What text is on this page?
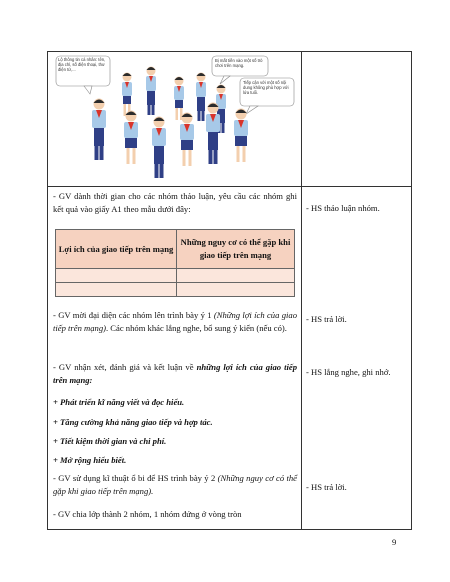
Lộ thông tin cá nhân: tên, địa chỉ, số điện thoại, thư điện tử,...
Bị mất tiền vào một số trò chơi trên mạng.
Tiếp cận với một số nội dung không phù hợp với lứa tuổi.

- GV dành thời gian cho các nhóm thảo luận, yêu cầu các nhóm ghi kết quả vào giấy A1 theo mẫu dưới đây:

Lợi ích của giao tiếp trên mạng	Những nguy cơ có thể gặp khi giao tiếp trên mạng

- GV mời đại diện các nhóm lên trình bày ý 1 (Những lợi ích của giao tiếp trên mạng). Các nhóm khác lắng nghe, bổ sung ý kiến (nếu có).

- GV nhận xét, đánh giá và kết luận về những lợi ích của giao tiếp trên mạng:

+ Phát triển kĩ năng viết và đọc hiểu.

+ Tăng cường khả năng giao tiếp và hợp tác.

+ Tiết kiệm thời gian và chi phí.

+ Mở rộng hiểu biết.

- GV sử dụng kĩ thuật ổ bi để HS trình bày ý 2 (Những nguy cơ có thể gặp khi giao tiếp trên mạng).

- GV chia lớp thành 2 nhóm, 1 nhóm đứng ở vòng tròn

- HS thảo luận nhóm.

- HS trả lời.

- HS lắng nghe, ghi nhớ.

- HS trả lời.

9
